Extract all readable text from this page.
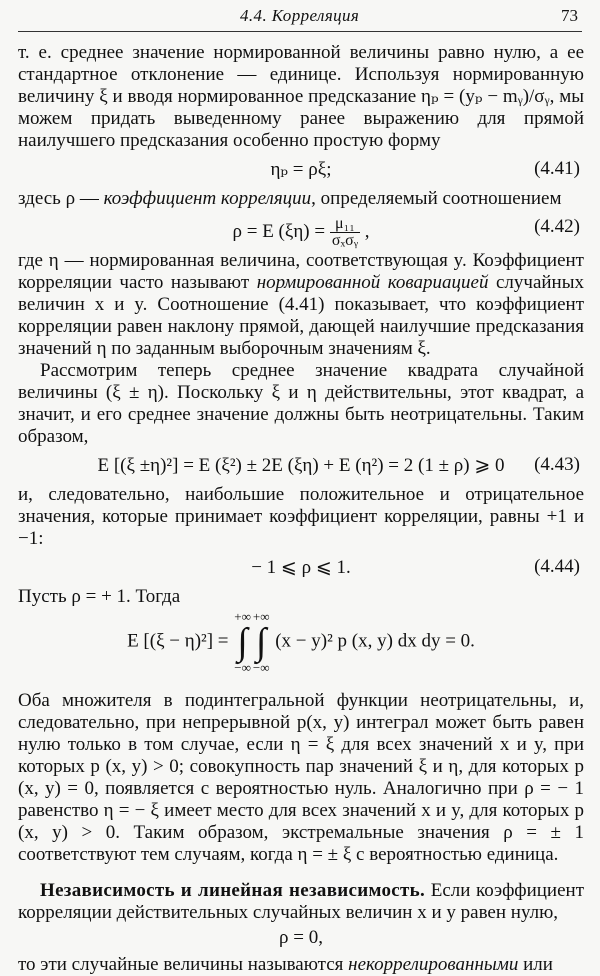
4.4. Корреляция	73

т. е. среднее значение нормированной величины равно нулю, а ее стандартное отклонение — единице. Используя нормированную величину ξ и вводя нормированное предсказание ηₚ = (yₚ − mᵧ)/σᵧ, мы можем придать выведенному ранее выражению для прямой наилучшего предсказания особенно простую форму

ηₚ = ρξ;	(4.41)

здесь ρ — коэффициент корреляции, определяемый соотношением

ρ = E $(\xi\eta) = \frac{\text{μ₁₁}}{\text{σₓσᵧ}}$ ,	(4.42)

где η — нормированная величина, соответствующая y. Коэффициент корреляции часто называют нормированной ковариацией случайных величин x и y. Соотношение (4.41) показывает, что коэффициент корреляции равен наклону прямой, дающей наилучшие предсказания значений η по заданным выборочным значениям ξ.

Рассмотрим теперь среднее значение квадрата случайной величины (ξ ± η). Поскольку ξ и η действительны, этот квадрат, а значит, и его среднее значение должны быть неотрицательны. Таким образом,

E [(ξ ±η)²] = E (ξ²) ± 2E (ξη) + E (η²) = 2 (1 ± ρ) ⩾ 0	(4.43)

и, следовательно, наибольшие положительное и отрицательное значения, которые принимает коэффициент корреляции, равны +1 и −1:

− 1 ⩽ ρ ⩽ 1.	(4.44)

Пусть ρ = + 1. Тогда

E [(ξ − η)²] = +∞
∫
−∞+∞
∫
−∞ (x − y)² p (x, y) dx dy = 0.

Оба множителя в подинтегральной функции неотрицательны, и, следовательно, при непрерывной p(x, y) интеграл может быть равен нулю только в том случае, если η = ξ для всех значений x и y, при которых p (x, y) > 0; совокупность пар значений ξ и η, для которых p (x, y) = 0, появляется с вероятностью нуль. Аналогично при ρ = − 1 равенство η = − ξ имеет место для всех значений x и y, для которых p (x, y) > 0. Таким образом, экстремальные значения ρ = ± 1 соответствуют тем случаям, когда η = ± ξ с вероятностью единица.

Независимость и линейная независимость. Если коэффициент корреляции действительных случайных величин x и y равен нулю,

ρ = 0,

то эти случайные величины называются некоррелированными или
